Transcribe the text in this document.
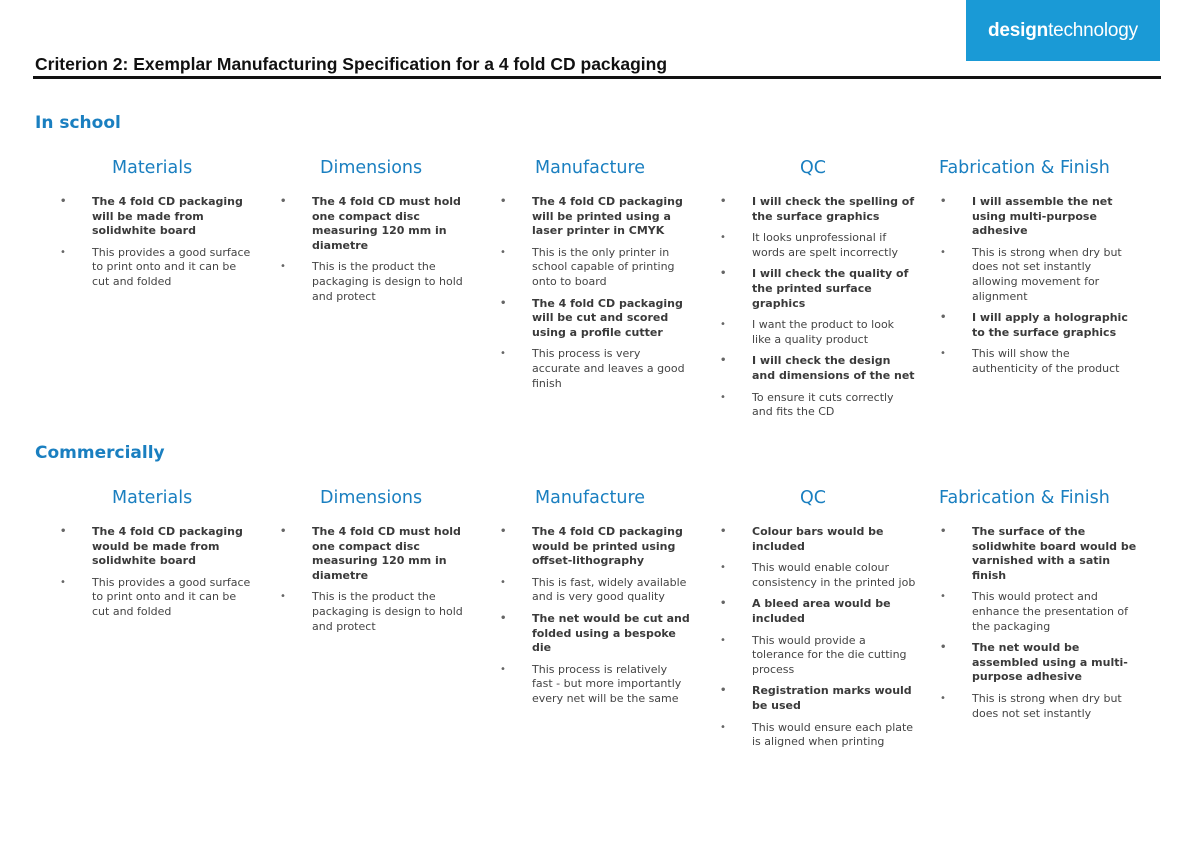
design technology
Criterion 2: Exemplar Manufacturing Specification for a 4 fold CD packaging
In school
Materials
• The 4 fold CD packaging will be made from solidwhite board
• This provides a good surface to print onto and it can be cut and folded
Dimensions
• The 4 fold CD must hold one compact disc measuring 120 mm in diametre
• This is the product the packaging is design to hold and protect
Manufacture
• The 4 fold CD packaging will be printed using a laser printer in CMYK
• This is the only printer in school capable of printing onto to board
• The 4 fold CD packaging will be cut and scored using a profile cutter
• This process is very accurate and leaves a good finish
QC
• I will check the spelling of the surface graphics
• It looks unprofessional if words are spelt incorrectly
• I will check the quality of the printed surface graphics
• I want the product to look like a quality product
• I will check the design and dimensions of the net
• To ensure it cuts correctly and fits the CD
Fabrication & Finish
• I will assemble the net using multi-purpose adhesive
• This is strong when dry but does not set instantly allowing movement for alignment
• I will apply a holographic to the surface graphics
• This will show the authenticity of the product
Commercially
Materials
• The 4 fold CD packaging would be made from solidwhite board
• This provides a good surface to print onto and it can be cut and folded
Dimensions
• The 4 fold CD must hold one compact disc measuring 120 mm in diametre
• This is the product the packaging is design to hold and protect
Manufacture
• The 4 fold CD packaging would be printed using offset-lithography
• This is fast, widely available and is very good quality
• The net would be cut and folded using a bespoke die
• This process is relatively fast - but more importantly every net will be the same
QC
• Colour bars would be included
• This would enable colour consistency in the printed job
• A bleed area would be included
• This would provide a tolerance for the die cutting process
• Registration marks would be used
• This would ensure each plate is aligned when printing
Fabrication & Finish
• The surface of the solidwhite board would be varnished with a satin finish
• This would protect and enhance the presentation of the packaging
• The net would be assembled using a multi-purpose adhesive
• This is strong when dry but does not set instantly
